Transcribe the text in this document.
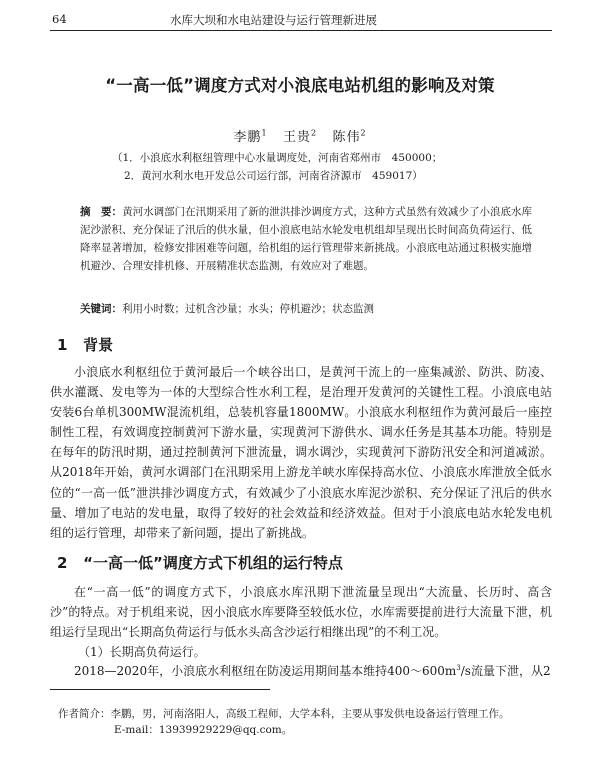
64	水库大坝和水电站建设与运行管理新进展
“一高一低”调度方式对小浪底电站机组的影响及对策
李鹏$^1$ 王贵$^2$ 陈伟$^2$
（1．小浪底水利枢纽管理中心水量调度处，河南省郑州市　450000；
2．黄河水利水电开发总公司运行部，河南省济源市　459017）
摘　要：黄河水调部门在汛期采用了新的泄洪排沙调度方式，这种方式虽然有效减少了小浪底水库泥沙淤积、充分保证了汛后的供水量，但小浪底电站水轮发电机组却呈现出长时间高负荷运行、低降率显著增加，检修安排困难等问题，给机组的运行管理带来新挑战。小浪底电站通过积极实施增机避沙、合理安排机修、开展精准状态监测，有效应对了难题。
关键词：利用小时数；过机含沙量；水头；停机避沙；状态监测
1 背景
小浪底水利枢纽位于黄河最后一个峡谷出口，是黄河干流上的一座集减淤、防洪、防凌、供水灌溉、发电等为一体的大型综合性水利工程，是治理开发黄河的关键性工程。小浪底电站安装6台单机300MW混流机组，总装机容量1800MW。小浪底水利枢纽作为黄河最后一座控制性工程，有效调度控制黄河下游水量，实现黄河下游供水、调水任务是其基本功能。特别是在每年的防汛时期，通过控制黄河下泄流量，调水调沙，实现黄河下游防汛安全和河道减淤。从2018年开始，黄河水调部门在汛期采用上游龙羊峡水库保持高水位、小浪底水库泄放全低水位的“一高一低”泄洪排沙调度方式，有效减少了小浪底水库泥沙淤积、充分保证了汛后的供水量、增加了电站的发电量，取得了较好的社会效益和经济效益。但对于小浪底电站水轮发电机组的运行管理，却带来了新问题，提出了新挑战。
2 “一高一低”调度方式下机组的运行特点
在“一高一低”的调度方式下，小浪底水库汛期下泄流量呈现出“大流量、长历时、高含沙”的特点。对于机组来说，因小浪底水库要降至较低水位，水库需要提前进行大流量下泄，机组运行呈现出“长期高负荷运行与低水头高含沙运行相继出现”的不利工况。
（1）长期高负荷运行。
2018—2020年，小浪底水利枢纽在防凌运用期间基本维持$400\sim 600m^3/s$流量下泄，从2
作者简介：李鹏，男，河南洛阳人，高级工程师，大学本科，主要从事发供电设备运行管理工作。
E-mail：13939929229@qq.com。
